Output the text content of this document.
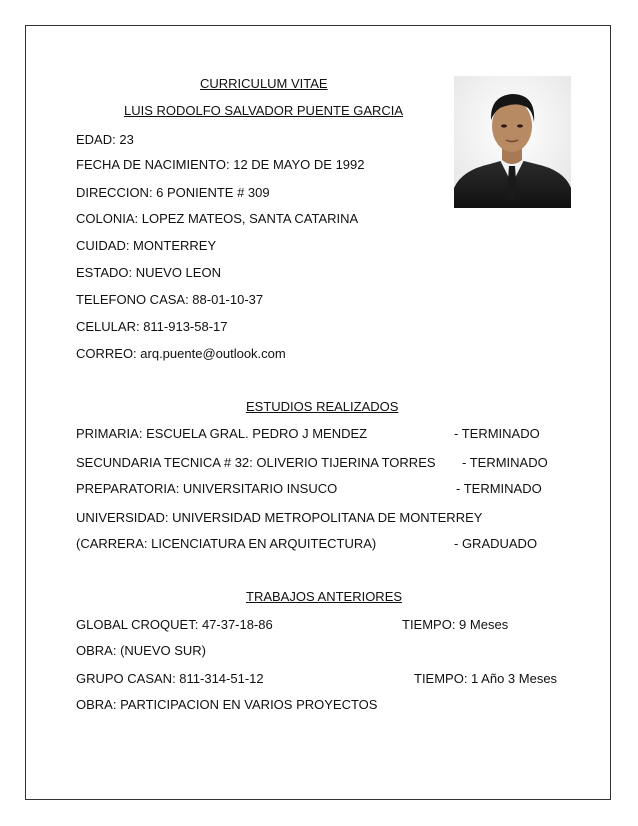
CURRICULUM VITAE
LUIS RODOLFO SALVADOR PUENTE GARCIA
EDAD: 23
FECHA DE NACIMIENTO: 12 DE MAYO DE 1992
DIRECCION: 6 PONIENTE # 309
COLONIA: LOPEZ MATEOS, SANTA CATARINA
CUIDAD: MONTERREY
ESTADO: NUEVO LEON
TELEFONO CASA: 88-01-10-37
CELULAR: 811-913-58-17
CORREO: arq.puente@outlook.com
ESTUDIOS REALIZADOS
PRIMARIA: ESCUELA GRAL. PEDRO J MENDEZ	- TERMINADO
SECUNDARIA TECNICA # 32: OLIVERIO TIJERINA TORRES - TERMINADO
PREPARATORIA: UNIVERSITARIO INSUCO	- TERMINADO
UNIVERSIDAD: UNIVERSIDAD METROPOLITANA DE MONTERREY
(CARRERA: LICENCIATURA EN ARQUITECTURA)	- GRADUADO
TRABAJOS ANTERIORES
GLOBAL CROQUET: 47-37-18-86	TIEMPO: 9 Meses
OBRA: (NUEVO SUR)
GRUPO CASAN: 811-314-51-12	TIEMPO: 1 Año 3 Meses
OBRA: PARTICIPACION EN VARIOS PROYECTOS
